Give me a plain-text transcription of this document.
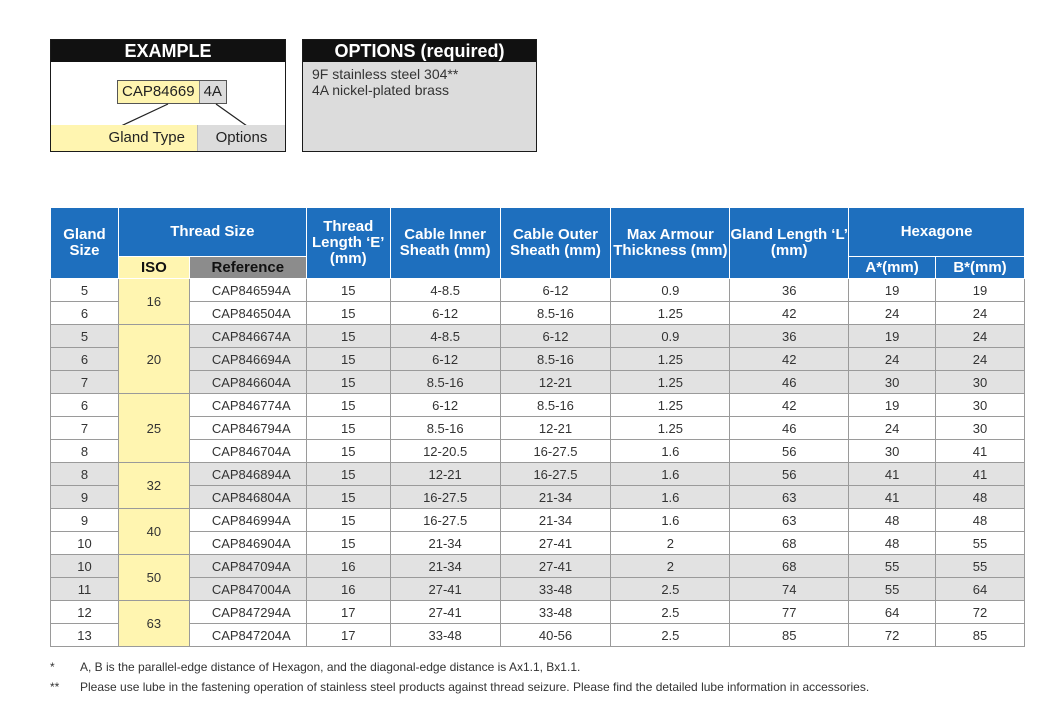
EXAMPLE
CAP84669 4A
Gland Type	Options
OPTIONS (required)
9F stainless steel 304**
4A nickel-plated brass
Gland Size	Thread Size		Thread Length ‘E’ (mm)	Cable Inner Sheath (mm)	Cable Outer Sheath (mm)	Max Armour Thickness (mm)	Gland Length ‘L’ (mm)	Hexagone	
	ISO	Reference						A*(mm)	B*(mm)
5	16	CAP846594A	15	4-8.5	6-12	0.9	36	19	19
6		CAP846504A	15	6-12	8.5-16	1.25	42	24	24
5	20	CAP846674A	15	4-8.5	6-12	0.9	36	19	24
6		CAP846694A	15	6-12	8.5-16	1.25	42	24	24
7		CAP846604A	15	8.5-16	12-21	1.25	46	30	30
6	25	CAP846774A	15	6-12	8.5-16	1.25	42	19	30
7		CAP846794A	15	8.5-16	12-21	1.25	46	24	30
8		CAP846704A	15	12-20.5	16-27.5	1.6	56	30	41
8	32	CAP846894A	15	12-21	16-27.5	1.6	56	41	41
9		CAP846804A	15	16-27.5	21-34	1.6	63	41	48
9	40	CAP846994A	15	16-27.5	21-34	1.6	63	48	48
10		CAP846904A	15	21-34	27-41	2	68	48	55
10	50	CAP847094A	16	21-34	27-41	2	68	55	55
11		CAP847004A	16	27-41	33-48	2.5	74	55	64
12	63	CAP847294A	17	27-41	33-48	2.5	77	64	72
13		CAP847204A	17	33-48	40-56	2.5	85	72	85
* A, B is the parallel-edge distance of Hexagon, and the diagonal-edge distance is Ax1.1, Bx1.1.
** Please use lube in the fastening operation of stainless steel products against thread seizure. Please find the detailed lube information in accessories.
